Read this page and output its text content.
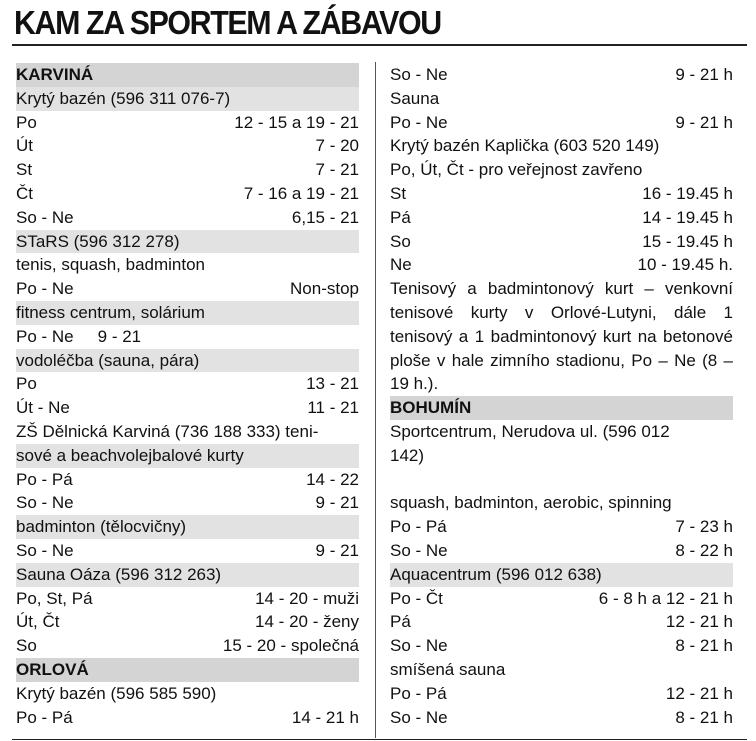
KAM ZA SPORTEM A ZÁBAVOU
KARVINÁ
Krytý bazén (596 311 076-7)
Po	12 - 15 a 19 - 21
Út	7 - 20
St	7 - 21
Čt	7 - 16 a 19 - 21
So - Ne	6,15 - 21
STaRS (596 312 278)
tenis, squash, badminton
Po - Ne	Non-stop
fitness centrum, solárium
Po - Ne 9 - 21
vodoléčba (sauna, pára)
Po	13 - 21
Út - Ne	11 - 21
ZŠ Dělnická Karviná (736 188 333) teni-
sové a beachvolejbalové kurty
Po - Pá	14 - 22
So - Ne	9 - 21
badminton (tělocvičny)
So - Ne	9 - 21
Sauna Oáza (596 312 263)
Po, St, Pá	14 - 20 - muži
Út, Čt	14 - 20 - ženy
So	15 - 20 - společná
ORLOVÁ
Krytý bazén (596 585 590)
Po - Pá	14 - 21 h
So - Ne	9 - 21 h
Sauna
Po - Ne	9 - 21 h
Krytý bazén Kaplička (603 520 149)
Po, Út, Čt - pro veřejnost zavřeno
St	16 - 19.45 h
Pá	14 - 19.45 h
So	15 - 19.45 h
Ne	10 - 19.45 h.
Tenisový a badmintonový kurt – venkovní tenisové kurty v Orlové-Lutyni, dále 1 tenisový a 1 badmintonový kurt na betonové ploše v hale zimního stadionu, Po – Ne (8 – 19 h.).
BOHUMÍN
Sportcentrum, Nerudova ul. (596 012
142)
squash, badminton, aerobic, spinning
Po - Pá	7 - 23 h
So - Ne	8 - 22 h
Aquacentrum (596 012 638)
Po - Čt	6 - 8 h a 12 - 21 h
Pá	12 - 21 h
So - Ne	8 - 21 h
smíšená sauna
Po - Pá	12 - 21 h
So - Ne	8 - 21 h
